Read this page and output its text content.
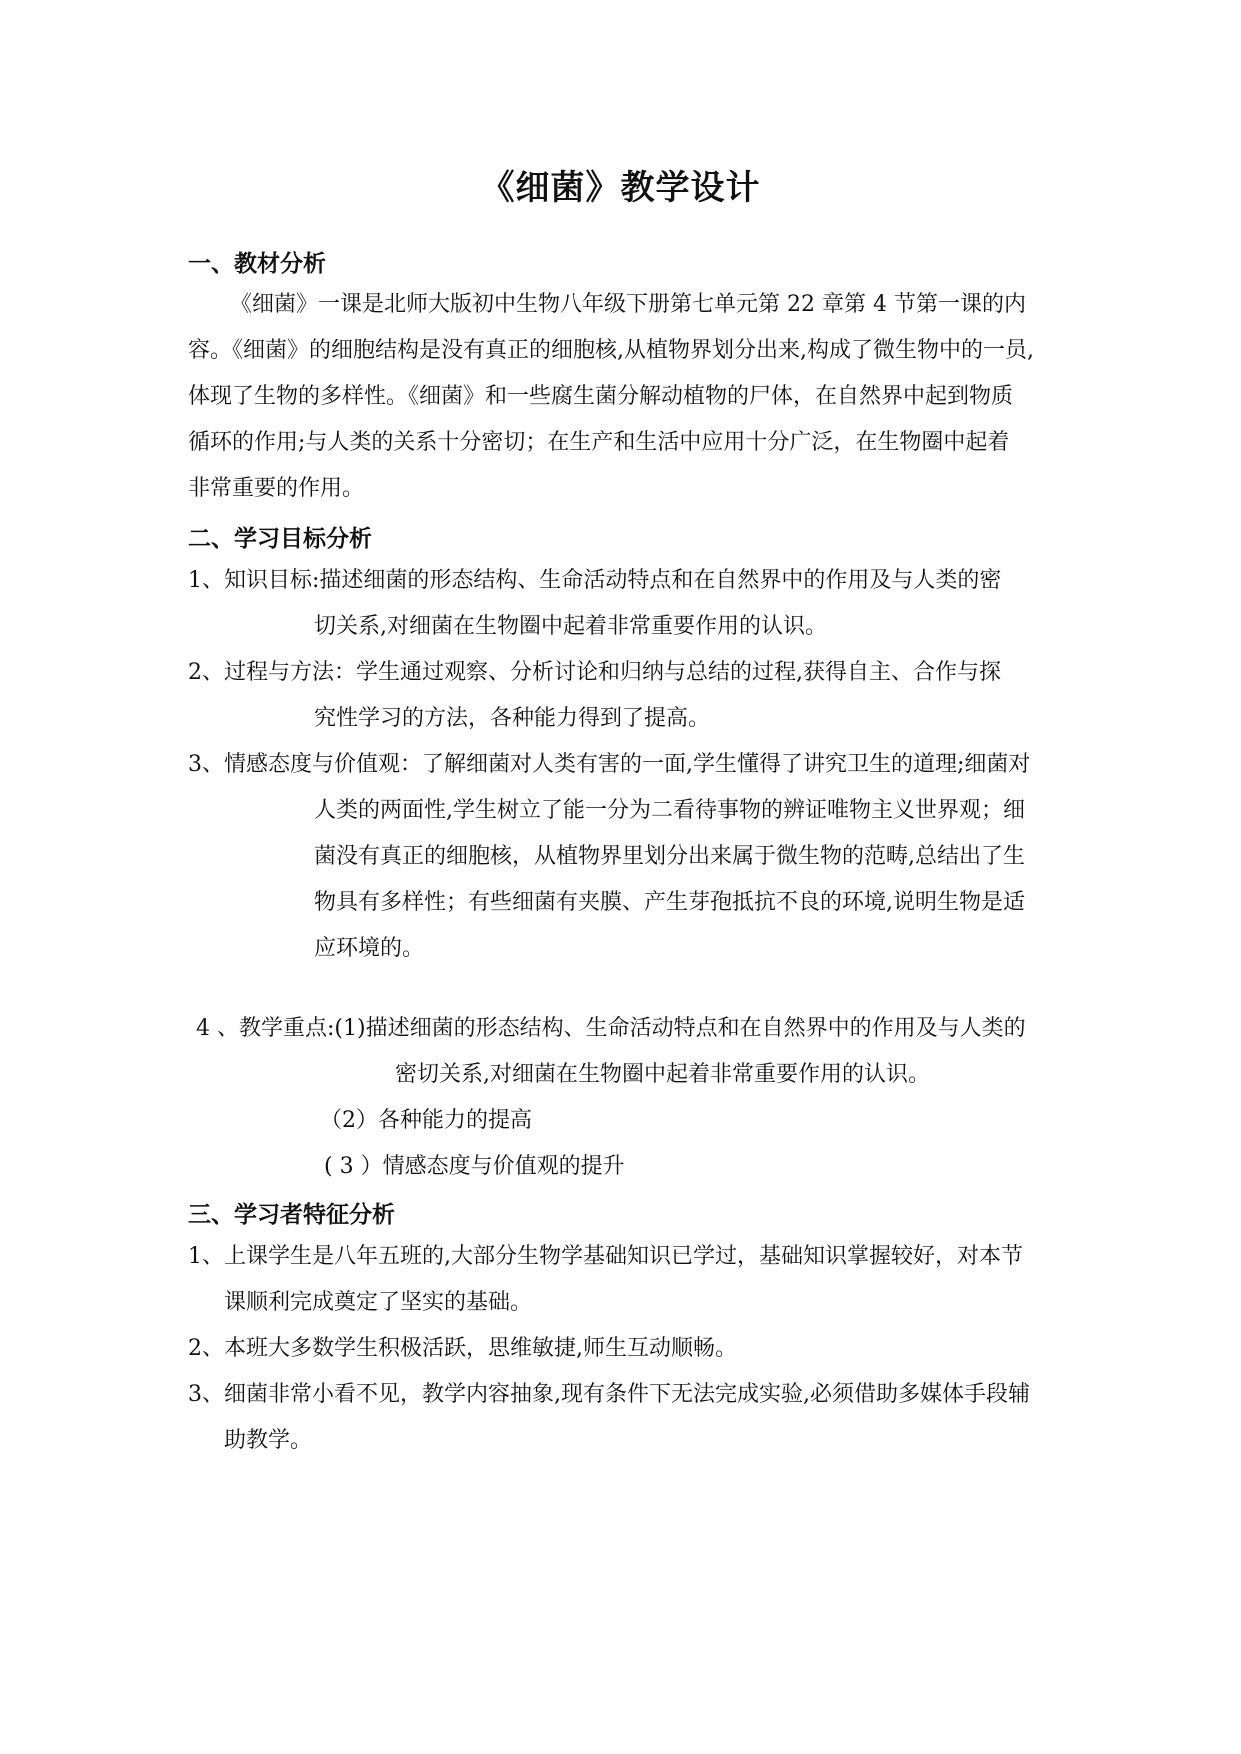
《细菌》教学设计
一、教材分析
《细菌》一课是北师大版初中生物八年级下册第七单元第 22 章第 4 节第一课的内
容。《细菌》的细胞结构是没有真正的细胞核,从植物界划分出来,构成了微生物中的一员,
体现了生物的多样性。《细菌》和一些腐生菌分解动植物的尸体，在自然界中起到物质
循环的作用;与人类的关系十分密切；在生产和生活中应用十分广泛，在生物圈中起着
非常重要的作用。
二、学习目标分析
1、知识目标:描述细菌的形态结构、生命活动特点和在自然界中的作用及与人类的密
切关系,对细菌在生物圈中起着非常重要作用的认识。
2、过程与方法：学生通过观察、分析讨论和归纳与总结的过程,获得自主、合作与探
究性学习的方法，各种能力得到了提高。
3、情感态度与价值观：了解细菌对人类有害的一面,学生懂得了讲究卫生的道理;细菌对
人类的两面性,学生树立了能一分为二看待事物的辨证唯物主义世界观；细
菌没有真正的细胞核，从植物界里划分出来属于微生物的范畴,总结出了生
物具有多样性；有些细菌有夹膜、产生芽孢抵抗不良的环境,说明生物是适
应环境的。
4 、教学重点:(1)描述细菌的形态结构、生命活动特点和在自然界中的作用及与人类的
密切关系,对细菌在生物圈中起着非常重要作用的认识。
（2）各种能力的提高
( 3 ）情感态度与价值观的提升
三、学习者特征分析
1、上课学生是八年五班的,大部分生物学基础知识已学过，基础知识掌握较好，对本节
课顺利完成奠定了坚实的基础。
2、本班大多数学生积极活跃，思维敏捷,师生互动顺畅。
3、细菌非常小看不见，教学内容抽象,现有条件下无法完成实验,必须借助多媒体手段辅
助教学。
